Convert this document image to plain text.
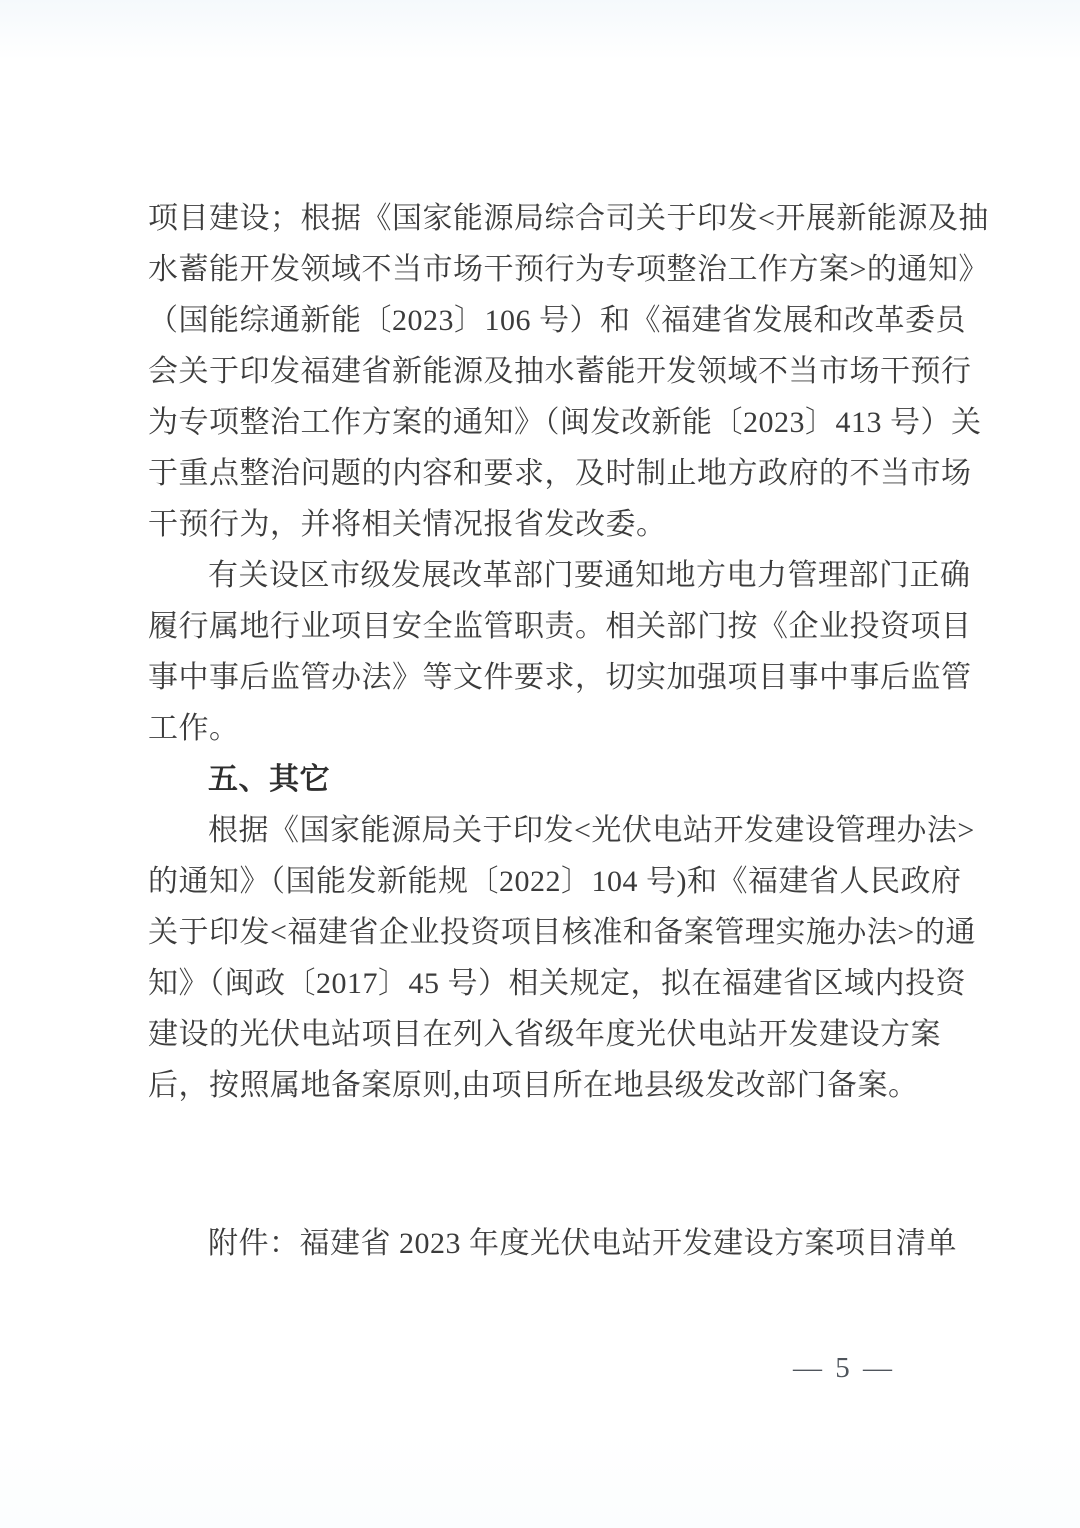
项目建设；根据《国家能源局综合司关于印发<开展新能源及抽
水蓄能开发领域不当市场干预行为专项整治工作方案>的通知》
（国能综通新能〔2023〕106 号）和《福建省发展和改革委员
会关于印发福建省新能源及抽水蓄能开发领域不当市场干预行
为专项整治工作方案的通知》（闽发改新能〔2023〕413 号）关
于重点整治问题的内容和要求，及时制止地方政府的不当市场
干预行为，并将相关情况报省发改委。
有关设区市级发展改革部门要通知地方电力管理部门正确
履行属地行业项目安全监管职责。相关部门按《企业投资项目
事中事后监管办法》等文件要求，切实加强项目事中事后监管
工作。
五、其它
根据《国家能源局关于印发<光伏电站开发建设管理办法>
的通知》（国能发新能规〔2022〕104 号)和《福建省人民政府
关于印发<福建省企业投资项目核准和备案管理实施办法>的通
知》（闽政〔2017〕45 号）相关规定，拟在福建省区域内投资
建设的光伏电站项目在列入省级年度光伏电站开发建设方案
后，按照属地备案原则,由项目所在地县级发改部门备案。
附件：福建省 2023 年度光伏电站开发建设方案项目清单
— 5 —
